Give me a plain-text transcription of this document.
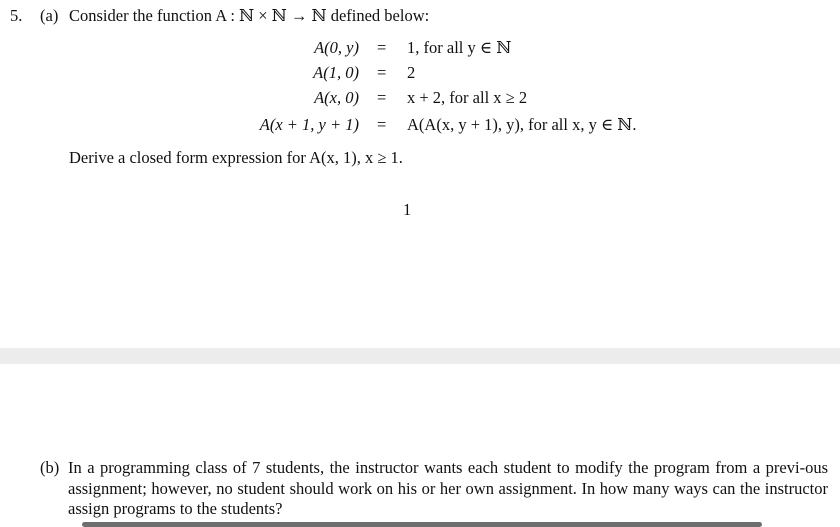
5. (a) Consider the function A : ℕ × ℕ → ℕ defined below:
A(0, y) = 1, for all y ∈ ℕ
A(1, 0) = 2
A(x, 0) = x + 2, for all x ≥ 2
A(x + 1, y + 1) = A(A(x, y + 1), y), for all x, y ∈ ℕ.
Derive a closed form expression for A(x, 1), x ≥ 1.
1
(b) In a programming class of 7 students, the instructor wants each student to modify the program from a previ-ous assignment; however, no student should work on his or her own assignment. In how many ways can the instructor assign programs to the students?
